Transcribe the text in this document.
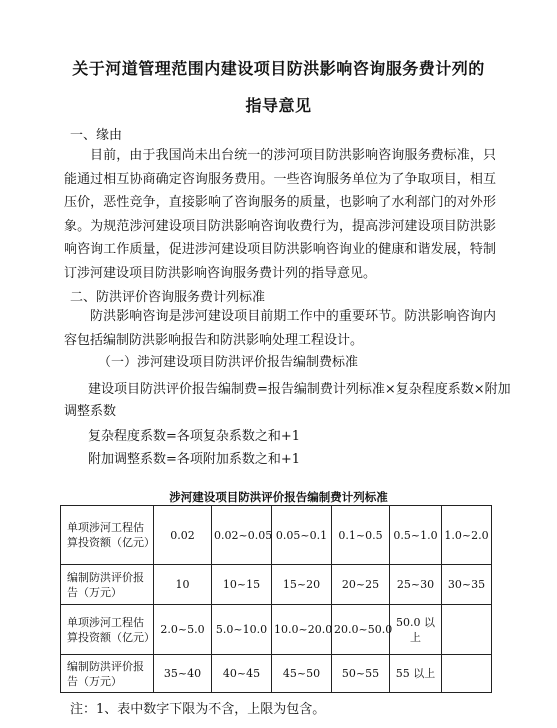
关于河道管理范围内建设项目防洪影响咨询服务费计列的
指导意见
一、缘由
目前，由于我国尚未出台统一的涉河项目防洪影响咨询服务费标准，只能通过相互协商确定咨询服务费用。一些咨询服务单位为了争取项目，相互压价，恶性竞争，直接影响了咨询服务的质量，也影响了水利部门的对外形象。为规范涉河建设项目防洪影响咨询收费行为，提高涉河建设项目防洪影响咨询工作质量，促进涉河建设项目防洪影响咨询业的健康和谐发展，特制订涉河建设项目防洪影响咨询服务费计列的指导意见。
二、防洪评价咨询服务费计列标准
防洪影响咨询是涉河建设项目前期工作中的重要环节。防洪影响咨询内容包括编制防洪影响报告和防洪影响处理工程设计。
（一）涉河建设项目防洪评价报告编制费标准
建设项目防洪评价报告编制费=报告编制费计列标准×复杂程度系数×附加
调整系数
复杂程度系数=各项复杂系数之和+1
附加调整系数=各项附加系数之和+1
涉河建设项目防洪评价报告编制费计列标准
单项涉河工程估算投资额（亿元）	0.02	0.02~0.05	0.05~0.1	0.1~0.5	0.5~1.0	1.0~2.0
编制防洪评价报告（万元）	10	10~15	15~20	20~25	25~30	30~35
单项涉河工程估算投资额（亿元）	2.0~5.0	5.0~10.0	10.0~20.0	20.0~50.0	50.0 以上	
编制防洪评价报告（万元）	35~40	40~45	45~50	50~55	55 以上	
注：1、表中数字下限为不含，上限为包含。
